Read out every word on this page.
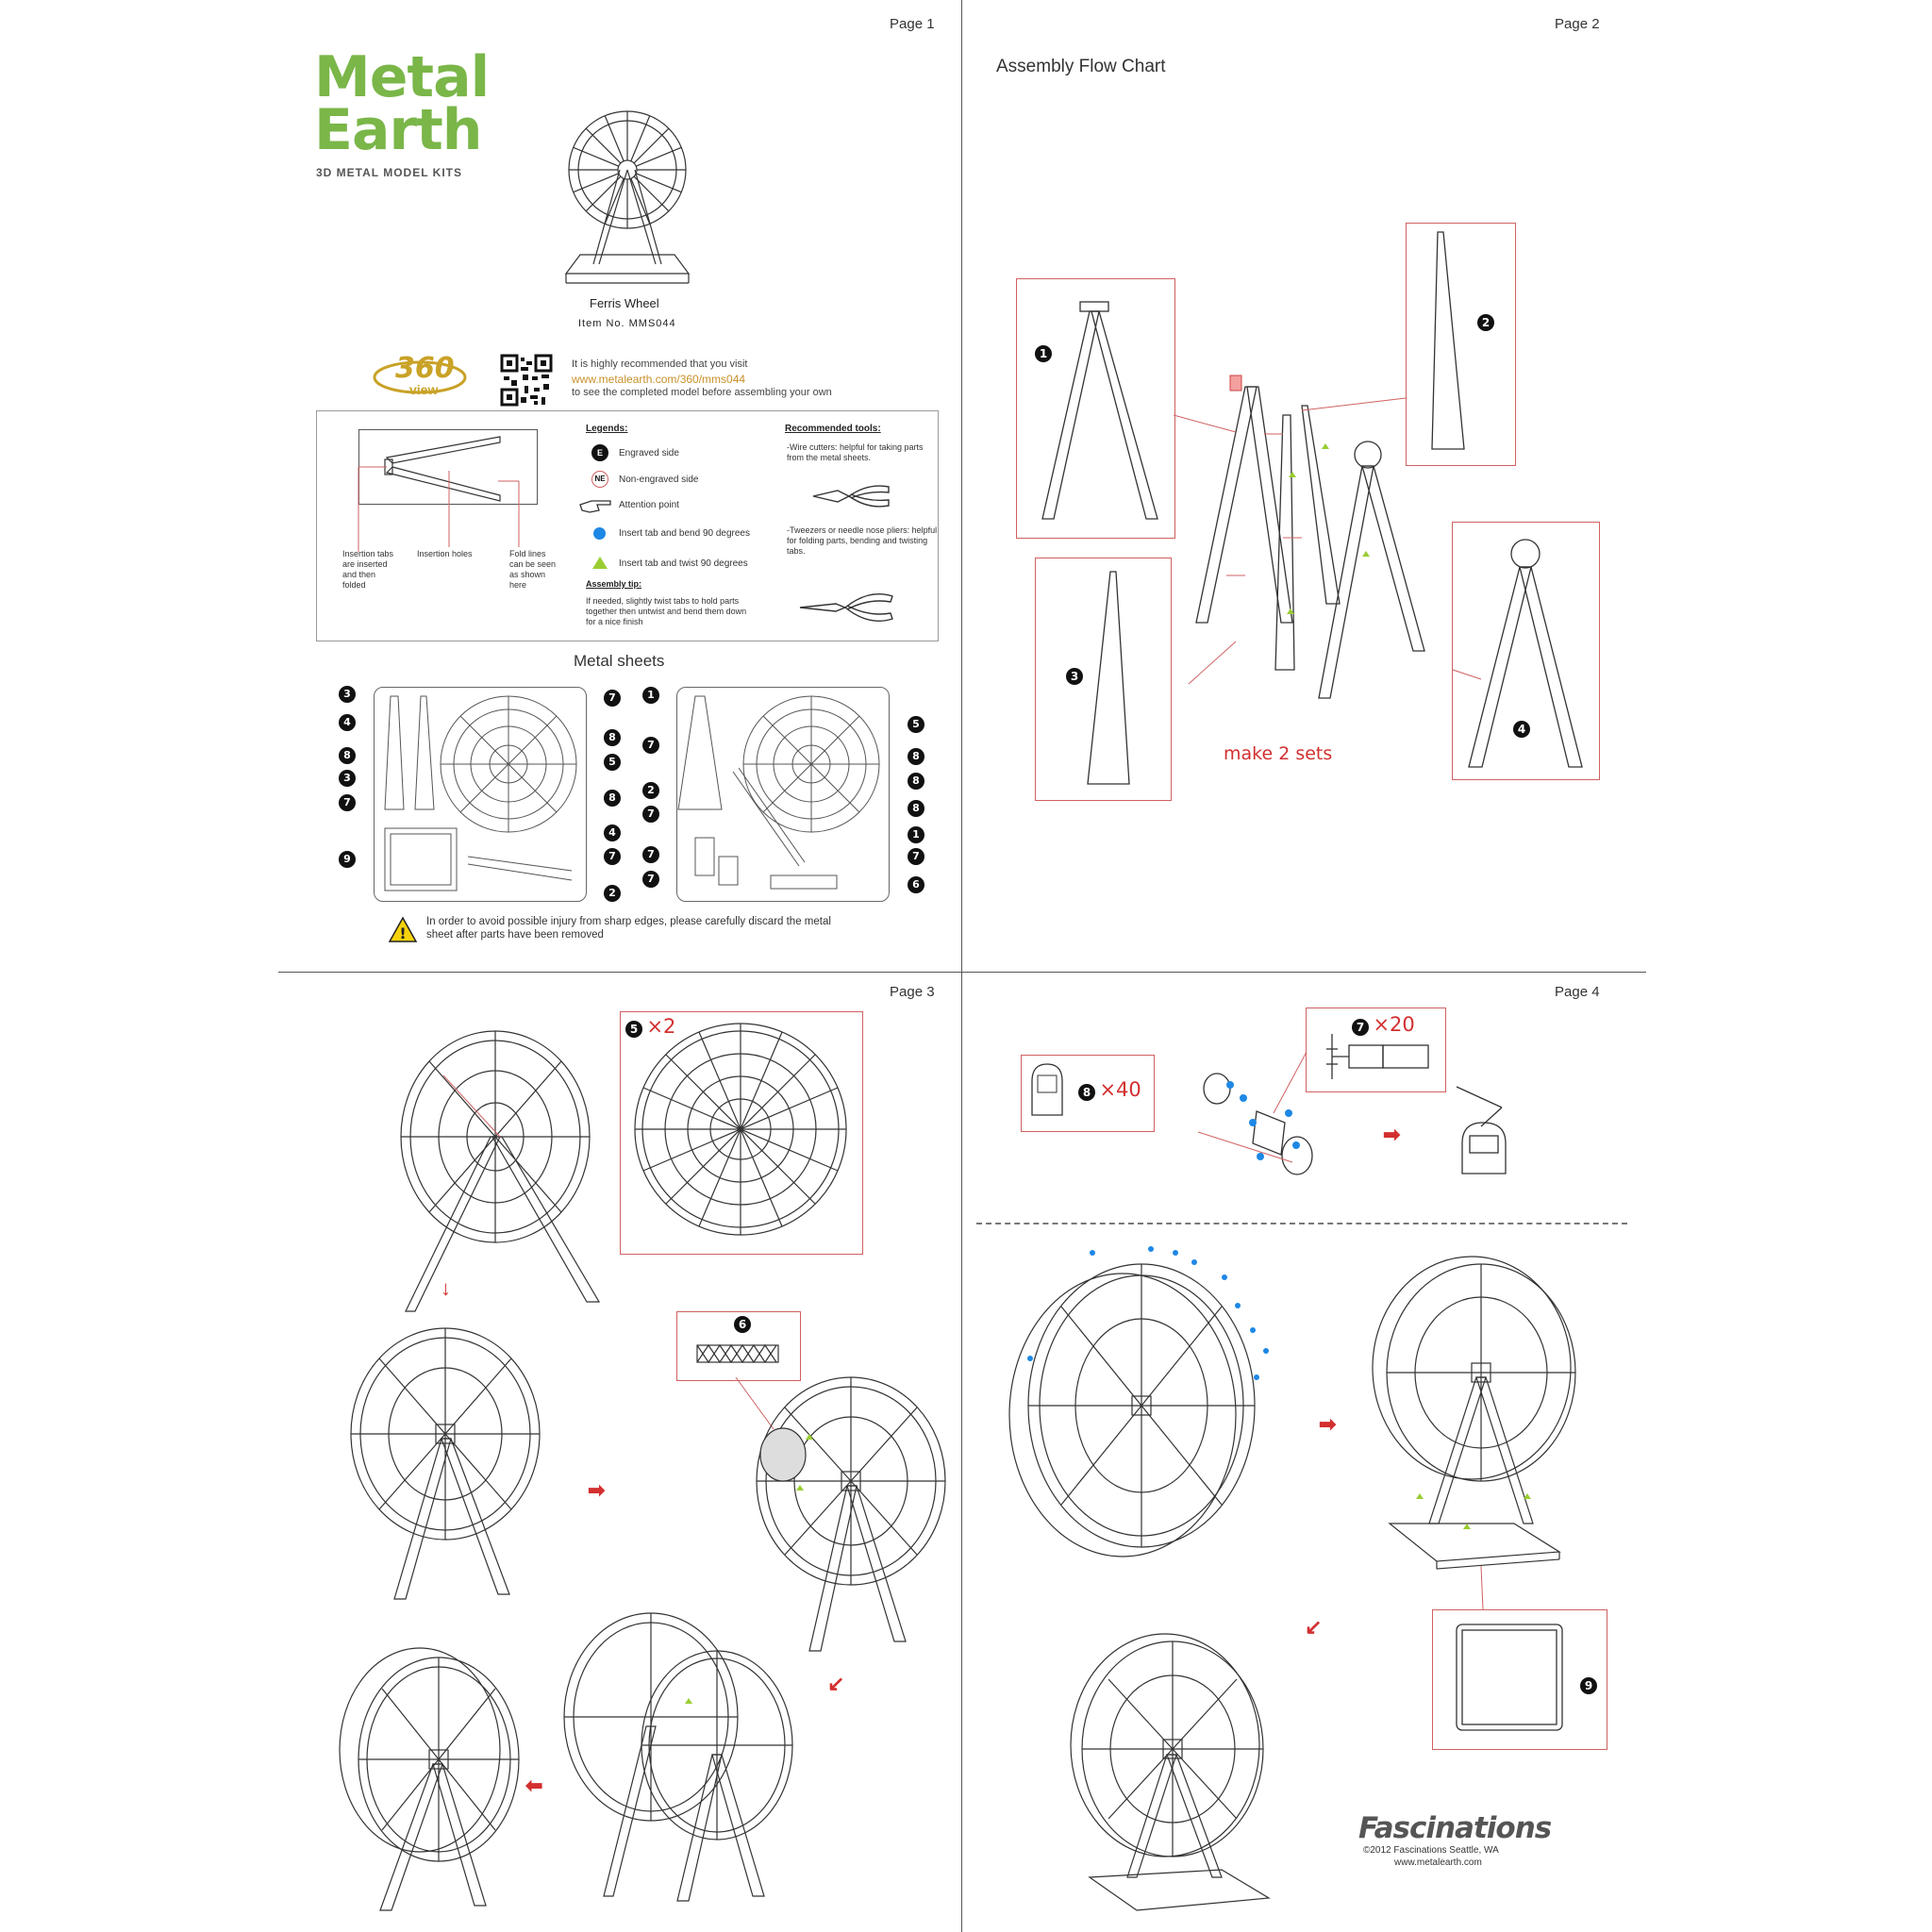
Page 1
Metal
Earth
3D METAL MODEL KITS
Ferris Wheel
Item No. MMS044
360
view
It is highly recommended that you visit
www.metalearth.com/360/mms044
to see the completed model before assembling your own
Insertion tabs are inserted and then folded
Insertion holes	Fold lines can be seen as shown here
Legends:
E	Engraved side
NE	Non-engraved side
Attention point
Insert tab and bend 90 degrees
Insert tab and twist 90 degrees
Assembly tip:
If needed, slightly twist tabs to hold parts together then untwist and bend them down for a nice finish
Recommended tools:
-Wire cutters: helpful for taking parts from the metal sheets.
-Tweezers or needle nose pliers: helpful for folding parts, bending and twisting tabs.
Metal sheets
3
4
8
3
7
9
7
8
5
8
4
7
2
1
7
2
7
7
7
5
8
8
8
1
7
6
!
In order to avoid possible injury from sharp edges, please carefully discard the metal sheet after parts have been removed
Page 2
Assembly Flow Chart
1
2
3
4
make 2 sets
Page 3
5 ×2
↓
➡
6
↙
⬅
Page 4
8 ×40
7 ×20
➡
➡
9
↙
Fascinations
©2012 Fascinations Seattle, WA
www.metalearth.com
